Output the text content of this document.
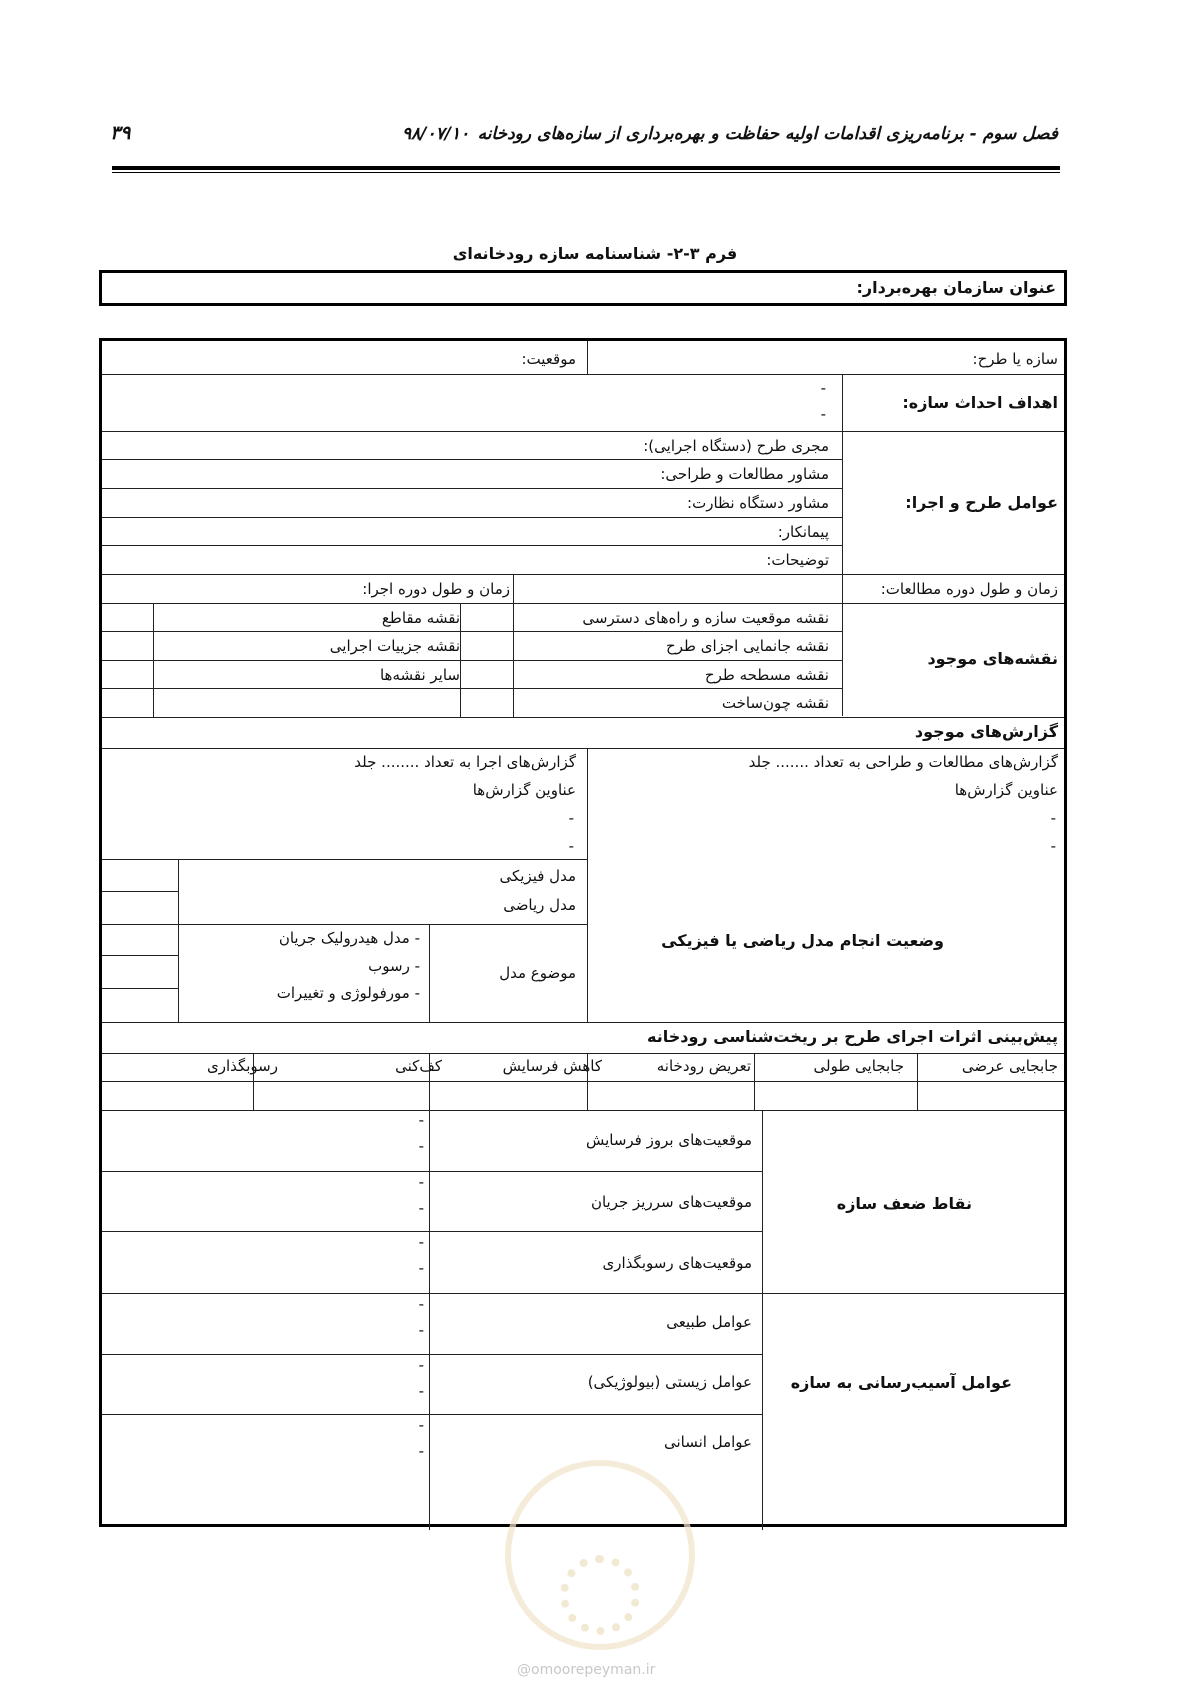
۳۹	۹۸/۰۷/۱۰ فصل سوم - برنامه‌ریزی اقدامات اولیه حفاظت و بهره‌برداری از سازه‌های رودخانه
فرم ۳-۲- شناسنامه سازه رودخانه‌ای
عنوان سازمان بهره‌بردار:
سازه یا طرح:
موقعیت:
اهداف احداث سازه:
-
-
عوامل طرح و اجرا:
مجری طرح (دستگاه اجرایی):
مشاور مطالعات و طراحی:
مشاور دستگاه نظارت:
پیمانکار:
توضیحات:
زمان و طول دوره مطالعات:
زمان و طول دوره اجرا:
نقشه‌های موجود
نقشه موقعیت سازه و راه‌های دسترسی
نقشه جانمایی اجزای طرح
نقشه مسطحه طرح
نقشه چون‌ساخت
نقشه مقاطع
نقشه جزییات اجرایی
سایر نقشه‌ها
گزارش‌های موجود
گزارش‌های مطالعات و طراحی به تعداد ....... جلد
عناوین گزارش‌ها
-
-
گزارش‌های اجرا به تعداد ........ جلد
عناوین گزارش‌ها
-
-
وضعیت انجام مدل ریاضی یا فیزیکی
مدل فیزیکی
مدل ریاضی
موضوع مدل
- مدل هیدرولیک جریان
- رسوب
- مورفولوژی و تغییرات
پیش‌بینی اثرات اجرای طرح بر ریخت‌شناسی رودخانه
جابجایی عرضی
جابجایی طولی
تعریض رودخانه
کاهش فرسایش
کف‌کنی
رسوبگذاری
نقاط ضعف سازه
موقعیت‌های بروز فرسایش
موقعیت‌های سرریز جریان
موقعیت‌های رسوبگذاری
-
-
-
-
-
-
عوامل آسیب‌رسانی به سازه
عوامل طبیعی
عوامل زیستی (بیولوژیکی)
عوامل انسانی
-
-
-
-
-
-
@omoorepeyman.ir
